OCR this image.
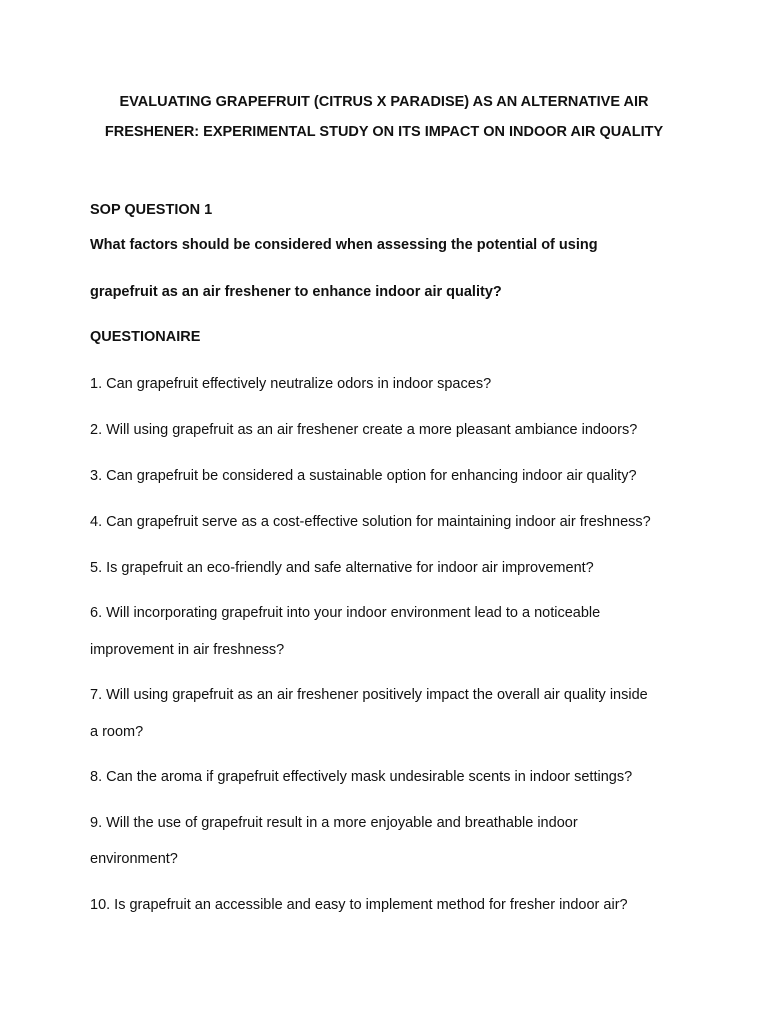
EVALUATING GRAPEFRUIT (CITRUS X PARADISE) AS AN ALTERNATIVE AIR
FRESHENER: EXPERIMENTAL STUDY ON ITS IMPACT ON INDOOR AIR QUALITY
SOP QUESTION 1
What factors should be considered when assessing the potential of using
grapefruit as an air freshener to enhance indoor air quality?
QUESTIONAIRE
1. Can grapefruit effectively neutralize odors in indoor spaces?
2. Will using grapefruit as an air freshener create a more pleasant ambiance indoors?
3. Can grapefruit be considered a sustainable option for enhancing indoor air quality?
4. Can grapefruit serve as a cost-effective solution for maintaining indoor air freshness?
5. Is grapefruit an eco-friendly and safe alternative for indoor air improvement?
6. Will incorporating grapefruit into your indoor environment lead to a noticeable
improvement in air freshness?
7. Will using grapefruit as an air freshener positively impact the overall air quality inside
a room?
8. Can the aroma if grapefruit effectively mask undesirable scents in indoor settings?
9. Will the use of grapefruit result in a more enjoyable and breathable indoor
environment?
10. Is grapefruit an accessible and easy to implement method for fresher indoor air?
